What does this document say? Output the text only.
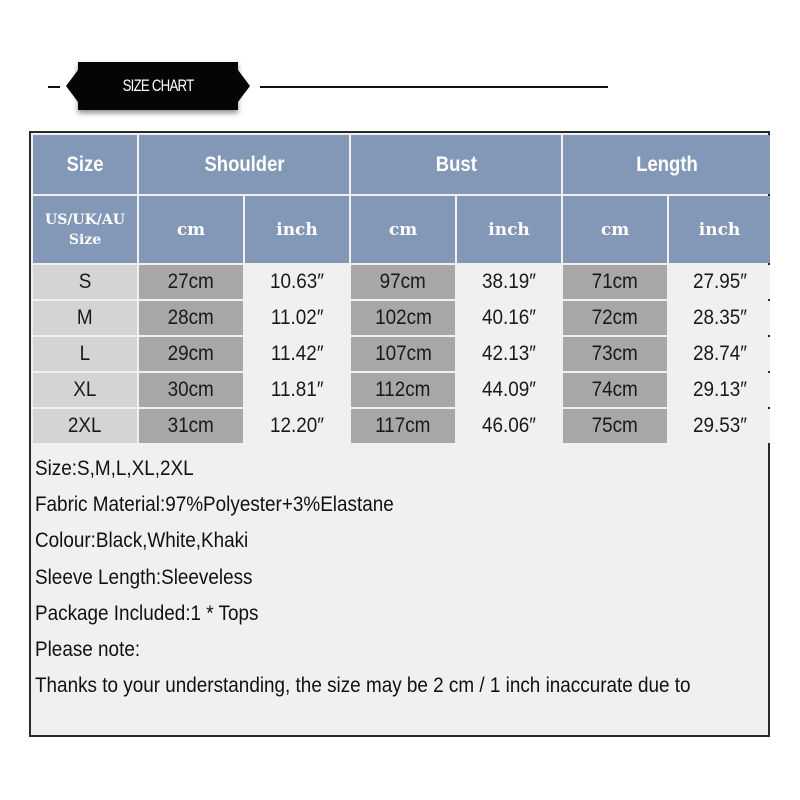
SIZE CHART
Size	Shoulder		Bust		Length	

US/UK/AU
Size	cm	inch	cm	inch	cm	inch
S	27cm	10.63″	97cm	38.19″	71cm	27.95″
M	28cm	11.02″	102cm	40.16″	72cm	28.35″
L	29cm	11.42″	107cm	42.13″	73cm	28.74″
XL	30cm	11.81″	112cm	44.09″	74cm	29.13″
2XL	31cm	12.20″	117cm	46.06″	75cm	29.53″
Size:S,M,L,XL,2XL
Fabric Material:97%Polyester+3%Elastane
Colour:Black,White,Khaki
Sleeve Length:Sleeveless
Package Included:1 * Tops
Please note:
Thanks to your understanding, the size may be 2 cm / 1 inch inaccurate due to
